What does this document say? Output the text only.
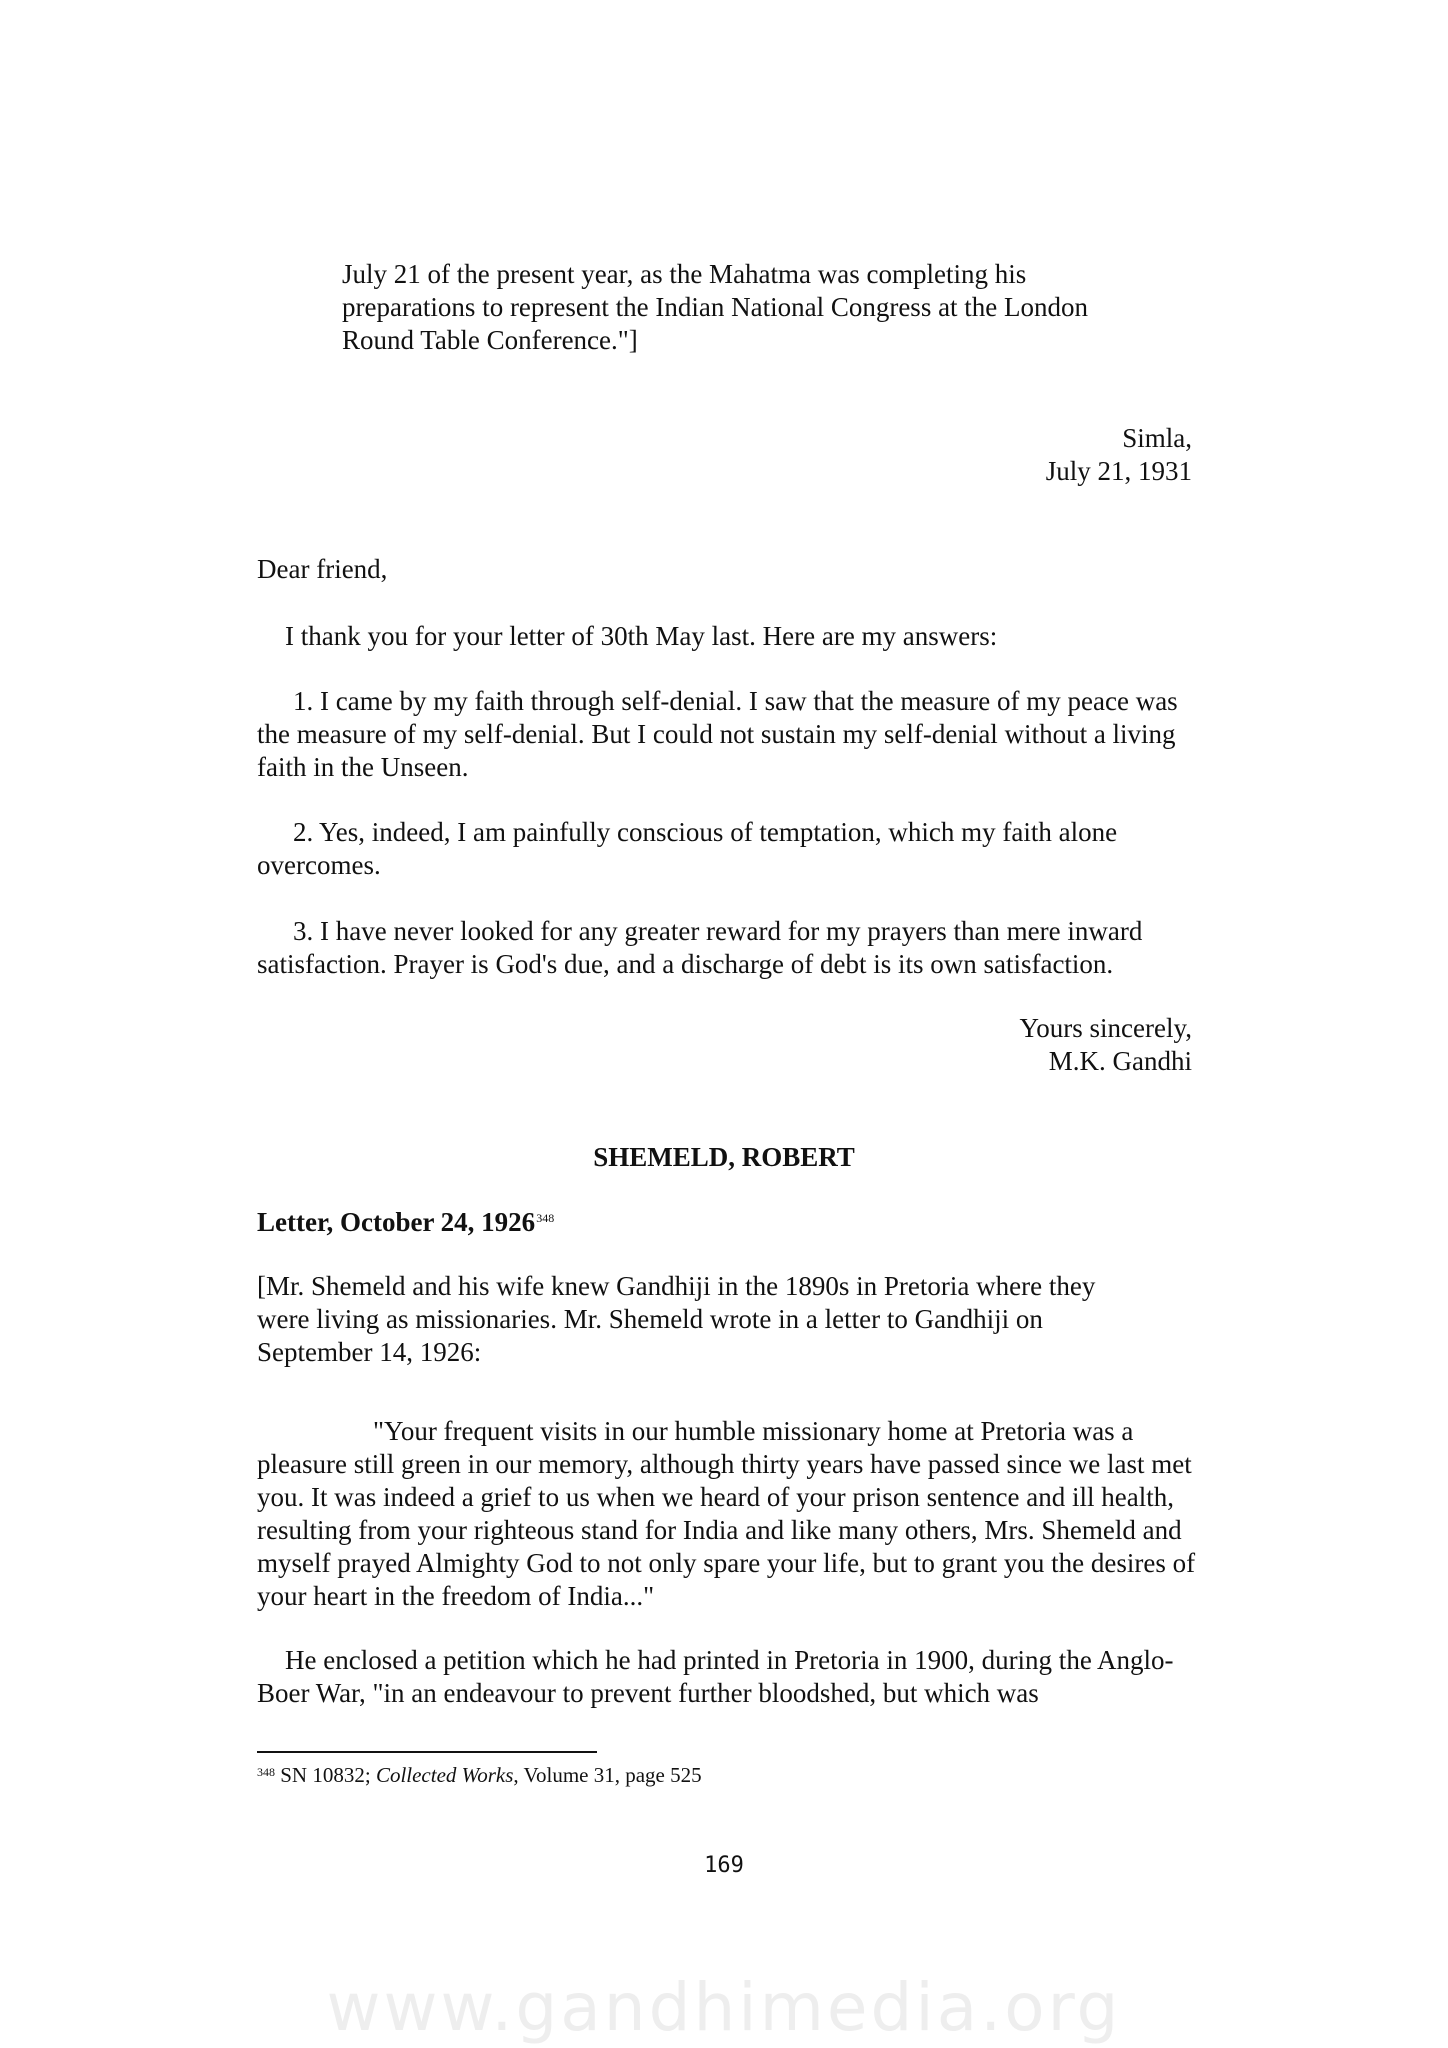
July 21 of the present year, as the Mahatma was completing his
preparations to represent the Indian National Congress at the London
Round Table Conference."]
Simla,
July 21, 1931
Dear friend,

I thank you for your letter of 30th May last. Here are my answers:

1. I came by my faith through self-denial. I saw that the measure of my peace was the measure of my self-denial. But I could not sustain my self-denial without a living faith in the Unseen.

2. Yes, indeed, I am painfully conscious of temptation, which my faith alone overcomes.

3. I have never looked for any greater reward for my prayers than mere inward satisfaction. Prayer is God's due, and a discharge of debt is its own satisfaction.

Yours sincerely,
M.K. Gandhi
SHEMELD, ROBERT
Letter, October 24, 1926$^{348}$
[Mr. Shemeld and his wife knew Gandhiji in the 1890s in Pretoria where they
were living as missionaries. Mr. Shemeld wrote in a letter to Gandhiji on
September 14, 1926:

"Your frequent visits in our humble missionary home at Pretoria was a pleasure still green in our memory, although thirty years have passed since we last met you. It was indeed a grief to us when we heard of your prison sentence and ill health, resulting from your righteous stand for India and like many others, Mrs. Shemeld and myself prayed Almighty God to not only spare your life, but to grant you the desires of your heart in the freedom of India..."

He enclosed a petition which he had printed in Pretoria in 1900, during the Anglo-Boer War, "in an endeavour to prevent further bloodshed, but which was

$^{348}$ SN 10832; Collected Works, Volume 31, page 525
169
www.gandhimedia.org
